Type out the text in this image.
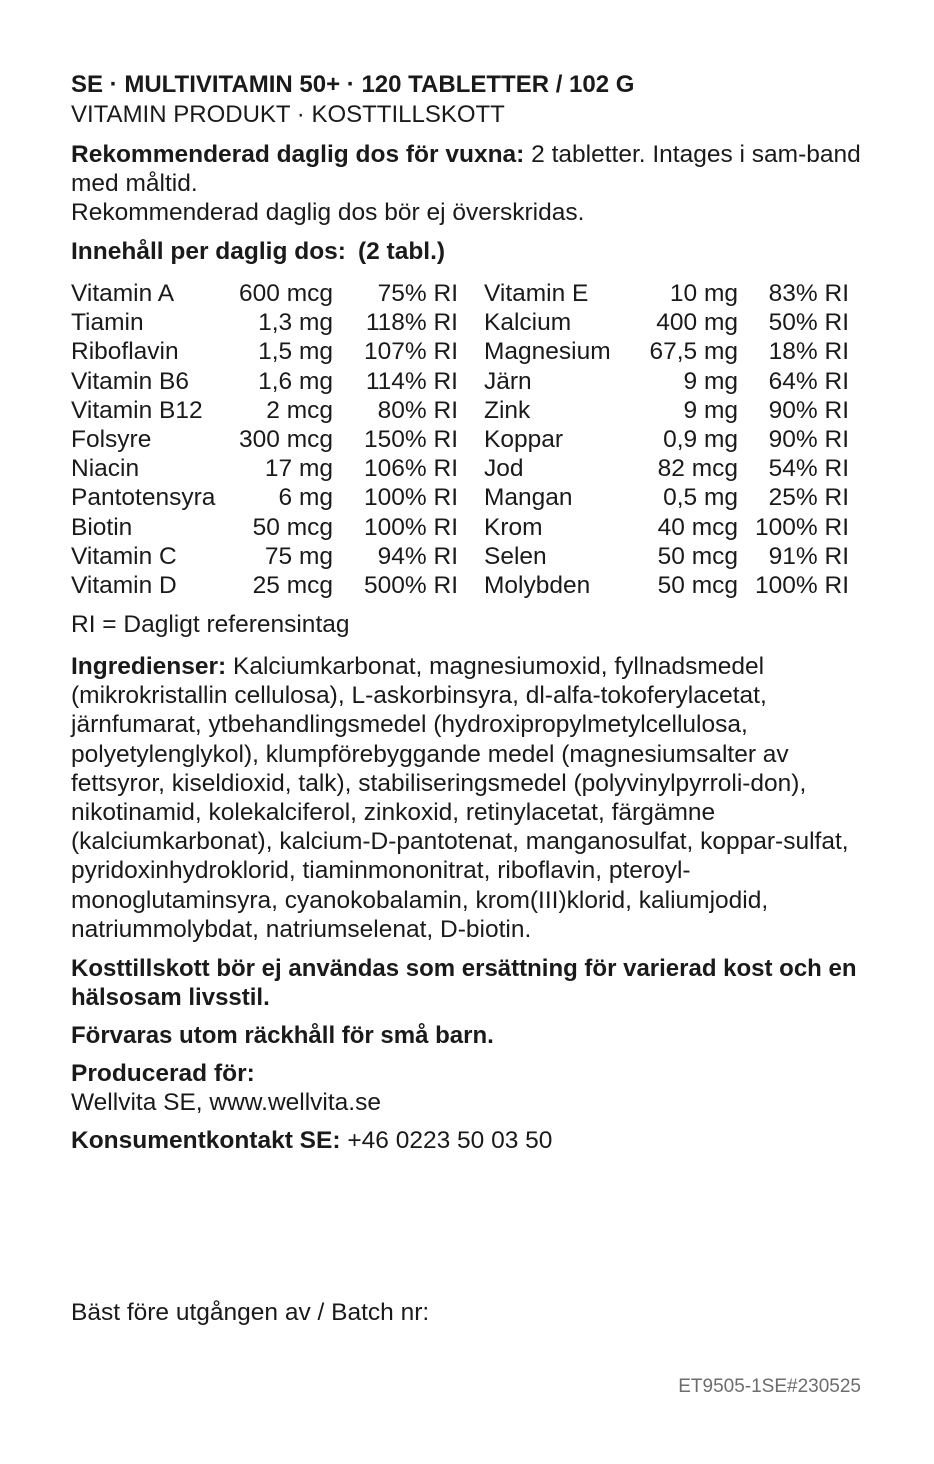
SE · MULTIVITAMIN 50+ · 120 TABLETTER / 102 G

VITAMIN PRODUKT · KOSTTILLSKOTT

Rekommenderad daglig dos för vuxna: 2 tabletter. Intages i sam-band med måltid.

Rekommenderad daglig dos bör ej överskridas.

Innehåll per daglig dos: (2 tabl.)

Vitamin A	600 mcg	75% RI
Tiamin	1,3 mg	118% RI
Riboflavin	1,5 mg	107% RI
Vitamin B6	1,6 mg	114% RI
Vitamin B12	2 mcg	80% RI
Folsyre	300 mcg	150% RI
Niacin	17 mg	106% RI
Pantotensyra	6 mg	100% RI
Biotin	50 mcg	100% RI
Vitamin C	75 mg	94% RI
Vitamin D	25 mcg	500% RI
Vitamin E	10 mg	83% RI
Kalcium	400 mg	50% RI
Magnesium	67,5 mg	18% RI
Järn	9 mg	64% RI
Zink	9 mg	90% RI
Koppar	0,9 mg	90% RI
Jod	82 mcg	54% RI
Mangan	0,5 mg	25% RI
Krom	40 mcg	100% RI
Selen	50 mcg	91% RI
Molybden	50 mcg	100% RI

RI = Dagligt referensintag

Ingredienser: Kalciumkarbonat, magnesiumoxid, fyllnadsmedel (mikrokristallin cellulosa), L-askorbinsyra, dl-alfa-tokoferylacetat, järnfumarat, ytbehandlingsmedel (hydroxipropylmetylcellulosa, polyetylenglykol), klumpförebyggande medel (magnesiumsalter av fettsyror, kiseldioxid, talk), stabiliseringsmedel (polyvinylpyrroli-don), nikotinamid, kolekalciferol, zinkoxid, retinylacetat, färgämne (kalciumkarbonat), kalcium-D-pantotenat, manganosulfat, koppar-sulfat, pyridoxinhydroklorid, tiaminmononitrat, riboflavin, pteroyl-monoglutaminsyra, cyanokobalamin, krom(III)klorid, kaliumjodid, natriummolybdat, natriumselenat, D-biotin.

Kosttillskott bör ej användas som ersättning för varierad kost och en hälsosam livsstil.

Förvaras utom räckhåll för små barn.

Producerad för:

Wellvita SE, www.wellvita.se

Konsumentkontakt SE: +46 0223 50 03 50

Bäst före utgången av / Batch nr:
ET9505-1SE#230525
